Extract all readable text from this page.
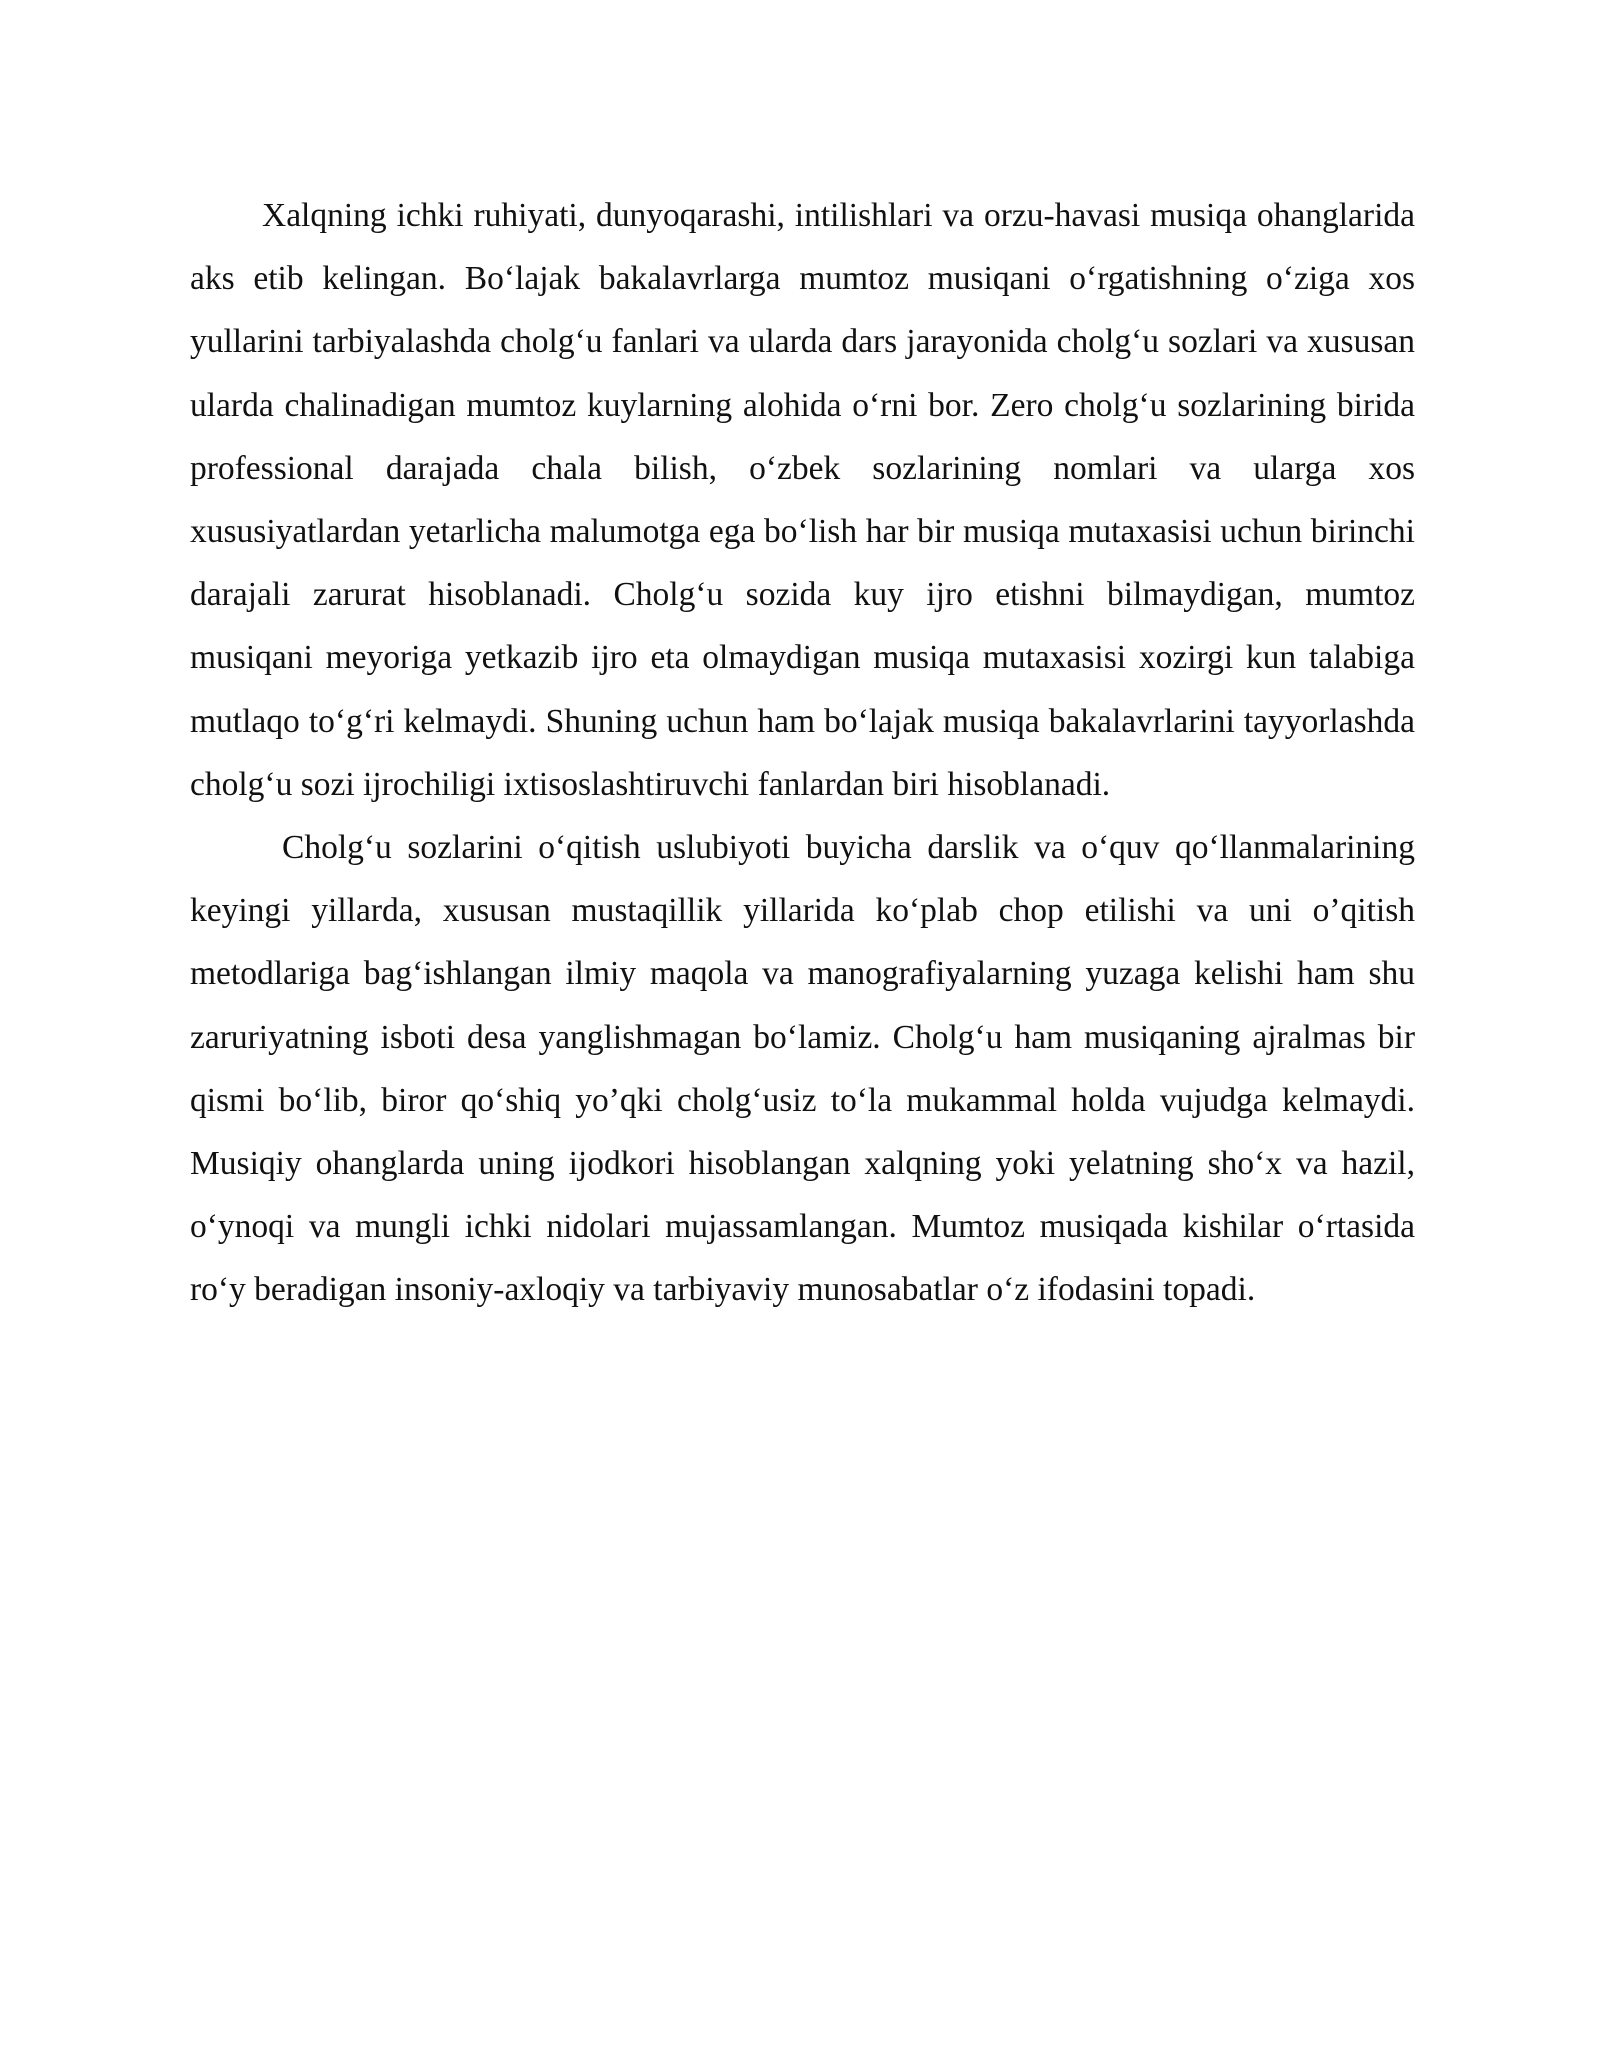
Xalqning ichki ruhiyati, dunyoqarashi, intilishlari va orzu-havasi musiqa ohanglarida aks etib kelingan. Bo‘lajak bakalavrlarga mumtoz musiqani o‘rgatishning o‘ziga xos yullarini tarbiyalashda cholg‘u fanlari va ularda dars jarayonida cholg‘u sozlari va xususan ularda chalinadigan mumtoz kuylarning alohida o‘rni bor. Zero cholg‘u sozlarining birida professional darajada chala bilish, o‘zbek sozlarining nomlari va ularga xos xususiyatlardan yetarlicha malumotga ega bo‘lish har bir musiqa mutaxasisi uchun birinchi darajali zarurat hisoblanadi. Cholg‘u sozida kuy ijro etishni bilmaydigan, mumtoz musiqani meyoriga yetkazib ijro eta olmaydigan musiqa mutaxasisi xozirgi kun talabiga mutlaqo to‘g‘ri kelmaydi. Shuning uchun ham bo‘lajak musiqa bakalavrlarini tayyorlashda cholg‘u sozi ijrochiligi ixtisoslashtiruvchi fanlardan biri hisoblanadi.

Cholg‘u sozlarini o‘qitish uslubiyoti buyicha darslik va o‘quv qo‘llanmalarining keyingi yillarda, xususan mustaqillik yillarida ko‘plab chop etilishi va uni o’qitish metodlariga bag‘ishlangan ilmiy maqola va manografiyalarning yuzaga kelishi ham shu zaruriyatning isboti desa yanglishmagan bo‘lamiz. Cholg‘u ham musiqaning ajralmas bir qismi bo‘lib, biror qo‘shiq yo’qki cholg‘usiz to‘la mukammal holda vujudga kelmaydi. Musiqiy ohanglarda uning ijodkori hisoblangan xalqning yoki yelatning sho‘x va hazil, o‘ynoqi va mungli ichki nidolari mujassamlangan. Mumtoz musiqada kishilar o‘rtasida ro‘y beradigan insoniy-axloqiy va tarbiyaviy munosabatlar o‘z ifodasini topadi.
